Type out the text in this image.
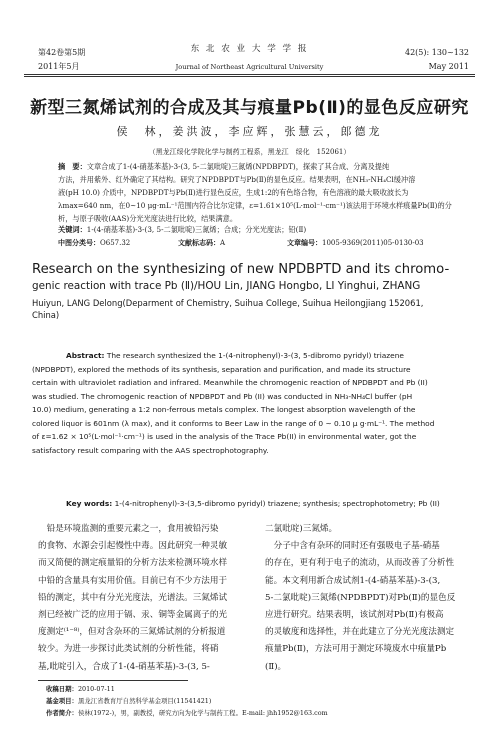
第42卷第5期	东 北 农 业 大 学 学 报	42(5): 130~132
2011年5月	Journal of Northeast Agricultural University	May 2011
新型三氮烯试剂的合成及其与痕量Pb(Ⅱ)的显色反应研究
侯　林，姜洪波，李应辉，张慧云，郎德龙
（黑龙江绥化学院化学与制药工程系，黑龙江　绥化　152061）
摘　要：文章合成了1-(4-硝基苯基)-3-(3, 5-二氯吡啶)三氮烯(NPDBPDT)，探索了其合成、分离及提纯
方法，并用紫外、红外确定了其结构。研究了NPDBPDT与Pb(Ⅱ)的显色反应。结果表明，在NH₃-NH₄Cl缓冲溶
液(pH 10.0) 介质中，NPDBPDT与Pb(Ⅱ)进行显色反应，生成1:2的有色络合物，有色溶液的最大吸收波长为
λmax=640 nm，在0~10 μg·mL⁻¹范围内符合比尔定律，ε=1.61×10⁵(L·mol⁻¹·cm⁻¹)该法用于环境水样痕量Pb(Ⅱ)的分
析，与原子吸收(AAS)分光光度法进行比较，结果满意。
关键词：1-(4-硝基苯基)-3-(3, 5-二氯吡啶)三氮烯；合成；分光光度法；铅(Ⅱ)
中图分类号：O657.32	文献标志码：A	文章编号：1005-9369(2011)05-0130-03
Research on the synthesizing of new NPDBPTD and its chromo-
genic reaction with trace Pb (Ⅱ)/HOU Lin, JIANG Hongbo, LI Yinghui, ZHANG
Huiyun, LANG Delong(Deparment of Chemistry, Suihua College, Suihua Heilongjiang 152061,
China)
Abstract: The research synthesized the 1-(4-nitrophenyl)-3-(3, 5-dibromo pyridyl) triazene
(NPDBPDT), explored the methods of its synthesis, separation and purification, and made its structure
certain with ultraviolet radiation and infrared. Meanwhile the chromogenic reaction of NPDBPDT and Pb (II)
was studied. The chromogenic reaction of NPDBPDT and Pb (II) was conducted in NH₃-NH₄Cl buffer (pH
10.0) medium, generating a 1:2 non-ferrous metals complex. The longest absorption wavelength of the
colored liquor is 601nm (λ max), and it conforms to Beer Law in the range of 0 ~ 0.10 μ g·mL⁻¹. The method
of ε=1.62 × 10⁵(L·mol⁻¹·cm⁻¹) is used in the analysis of the Trace Pb(II) in environmental water, got the
satisfactory result comparing with the AAS spectrophotography.
Key words: 1-(4-nitrophenyl)-3-(3,5-dibromo pyridyl) triazene; synthesis; spectrophotometry; Pb (II)
　铅是环境监测的重要元素之一，食用被铅污染
的食物、水源会引起慢性中毒。因此研究一种灵敏
而又简便的测定痕量铅的分析方法来检测环境水样
中铅的含量具有实用价值。目前已有不少方法用于
铅的测定，其中有分光光度法，光谱法。三氮烯试
剂已经被广泛的应用于镉、汞、铜等金属离子的光
度测定⁽¹⁻⁸⁾，但对含杂环的三氮烯试剂的分析报道
较少。为进一步探讨此类试剂的分析性能，将硝
基,吡啶引入，合成了1-(4-硝基苯基)-3-(3, 5-
二氯吡啶)三氮烯。
　分子中含有杂环的同时还有强吸电子基-硝基
的存在，更有利于电子的流动，从而改善了分析性
能。本文利用新合成试剂1-(4-硝基苯基)-3-(3,
5-二氯吡啶)三氮烯(NPDBPDT)对Pb(Ⅱ)的显色反
应进行研究。结果表明，该试剂对Pb(Ⅱ)有极高
的灵敏度和选择性，并在此建立了分光光度法测定
痕量Pb(Ⅱ)，方法可用于测定环境废水中痕量Pb
(Ⅱ)。
收稿日期：2010-07-11
基金项目：黑龙江省教育厅自然科学基金项目(11541421)
作者简介：侯林(1972-)，男，副教授，研究方向为化学与制药工程。E-mail: jhh1952@163.com
